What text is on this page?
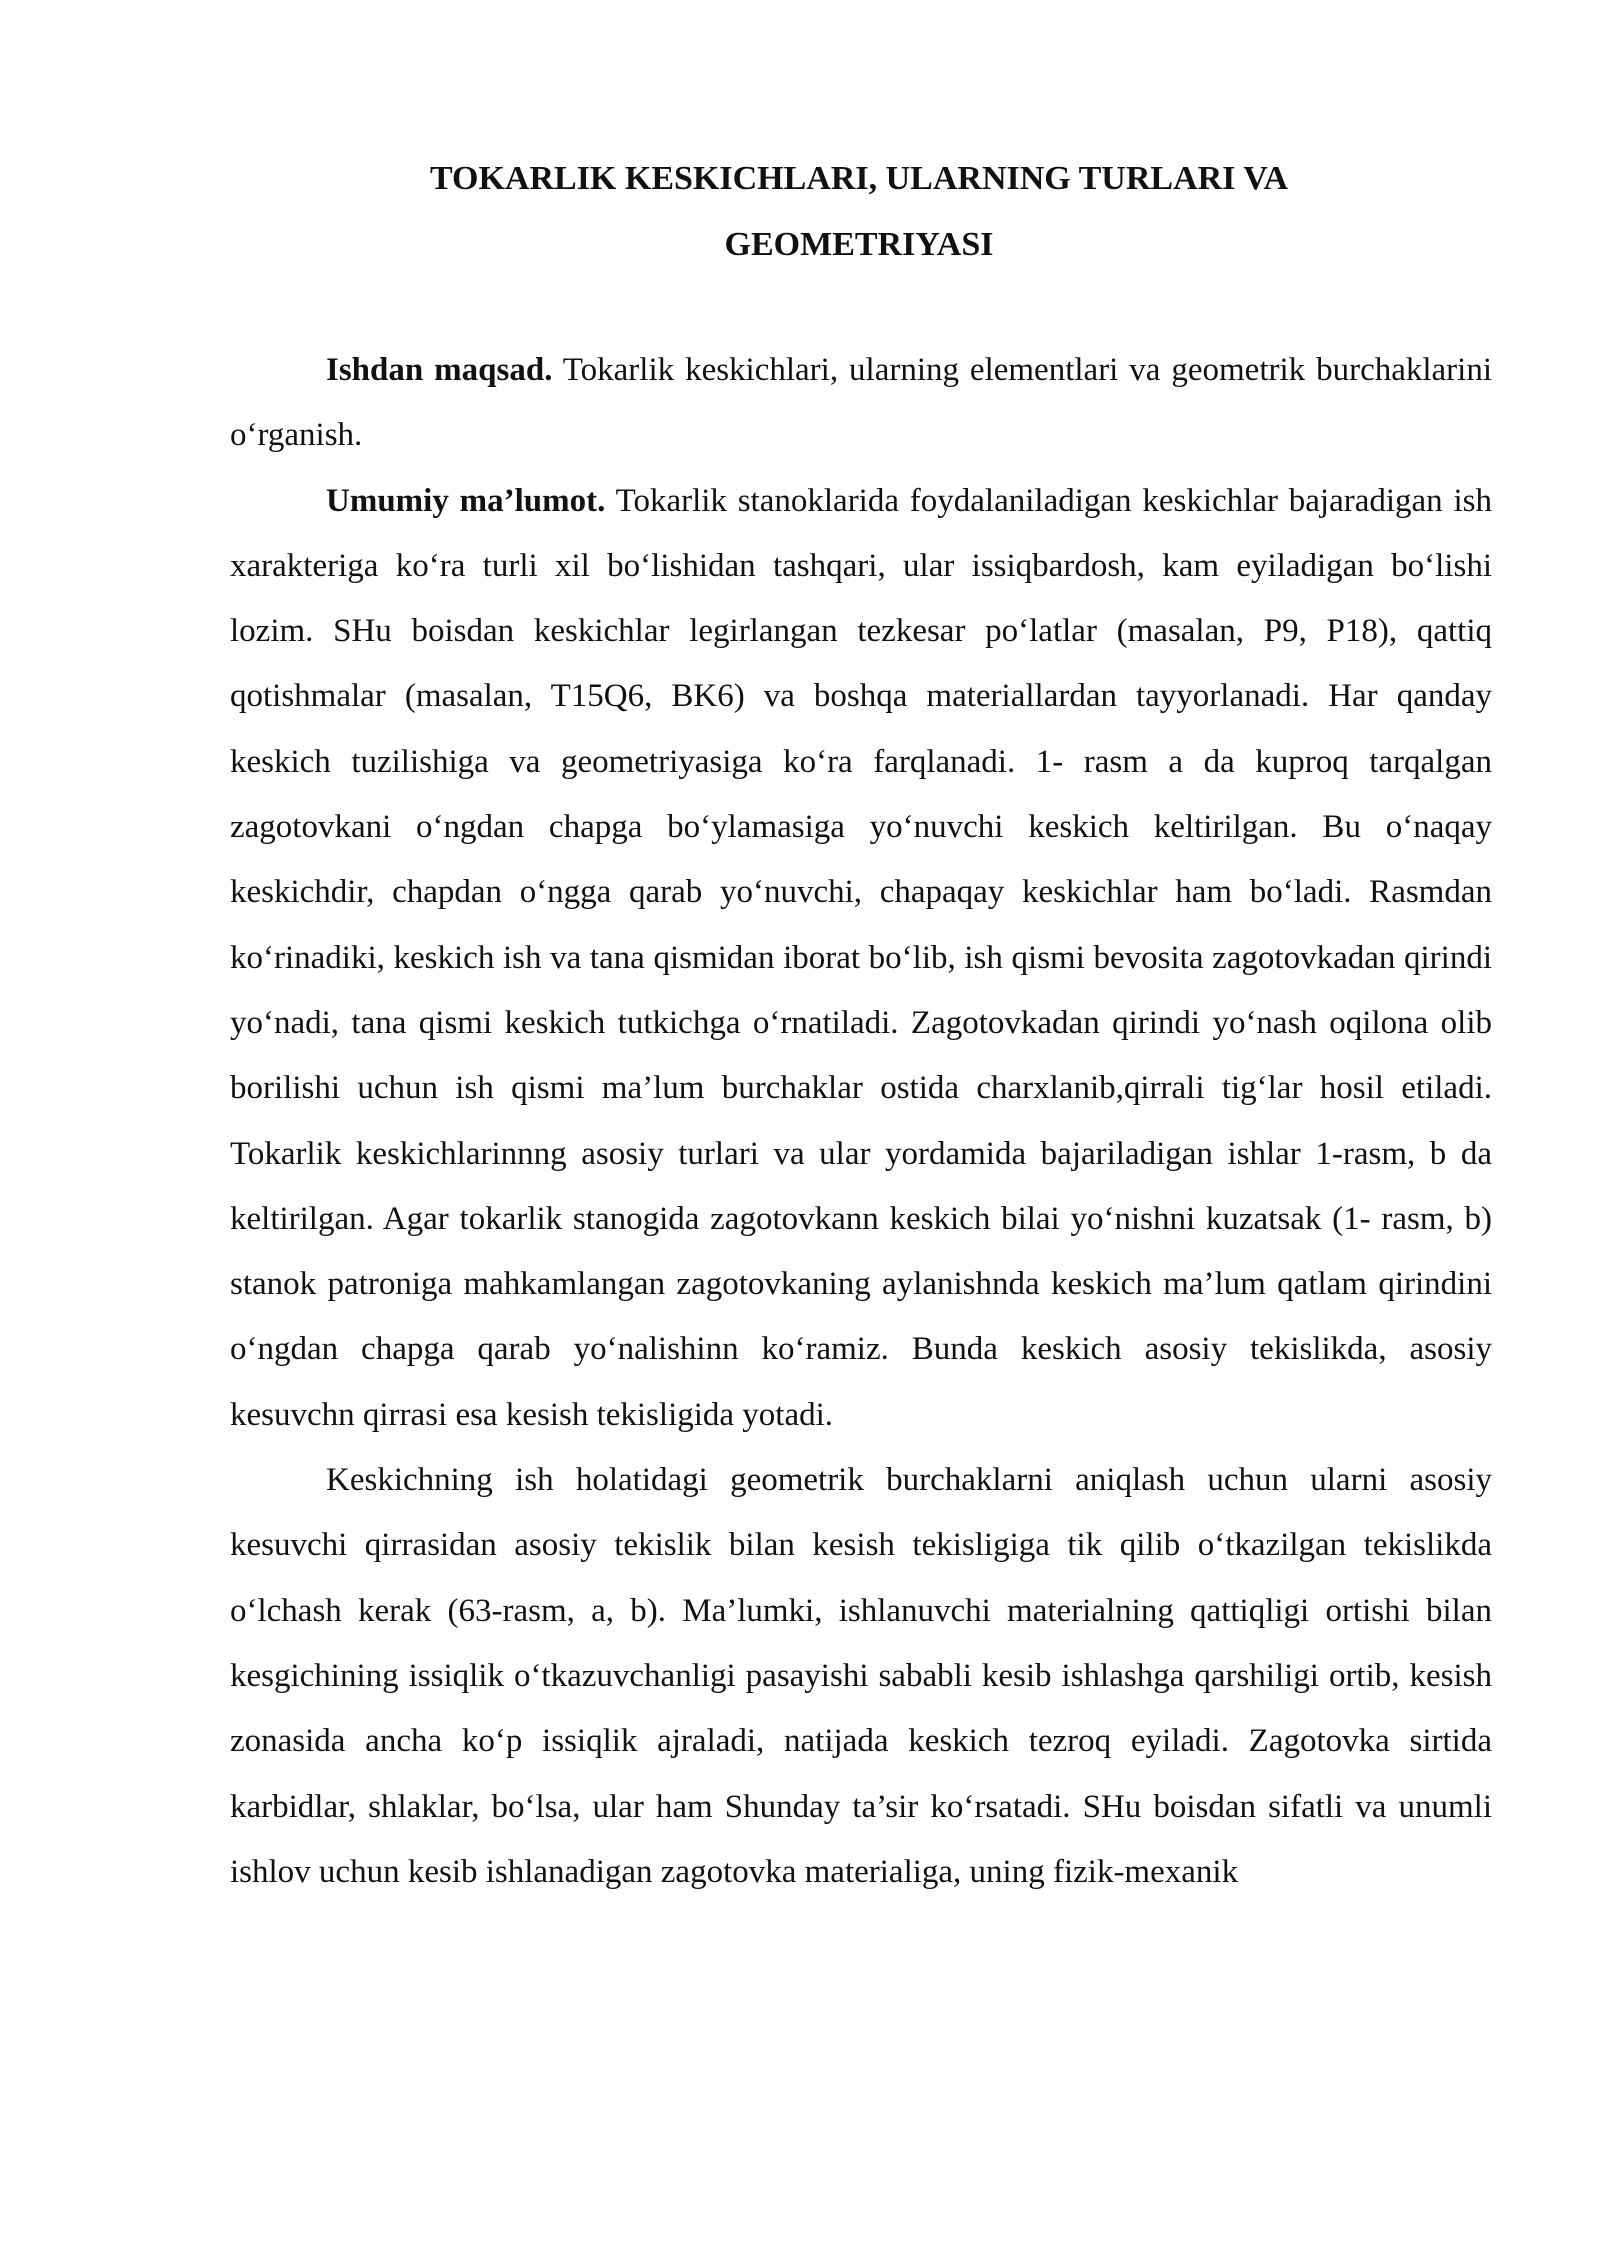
TOKARLIK KESKICHLARI, ULARNING TURLARI VA
GEOMETRIYASI

Ishdan maqsad. Tokarlik keskichlari, ularning elementlari va geometrik burchaklarini o‘rganish.

Umumiy ma’lumot. Tokarlik stanoklarida foydalaniladigan keskichlar bajaradigan ish xarakteriga ko‘ra turli xil bo‘lishidan tashqari, ular issiqbardosh, kam eyiladigan bo‘lishi lozim. SHu boisdan keskichlar legirlangan tezkesar po‘latlar (masalan, P9, P18), qattiq qotishmalar (masalan, T15Q6, BK6) va boshqa materiallardan tayyorlanadi. Har qanday keskich tuzilishiga va geometriyasiga ko‘ra farqlanadi. 1- rasm a da kuproq tarqalgan zagotovkani o‘ngdan chapga bo‘ylamasiga yo‘nuvchi keskich keltirilgan. Bu o‘naqay keskichdir, chapdan o‘ngga qarab yo‘nuvchi, chapaqay keskichlar ham bo‘ladi. Rasmdan ko‘rinadiki, keskich ish va tana qismidan iborat bo‘lib, ish qismi bevosita zagotovkadan qirindi yo‘nadi, tana qismi keskich tutkichga o‘rnatiladi. Zagotovkadan qirindi yo‘nash oqilona olib borilishi uchun ish qismi ma’lum burchaklar ostida charxlanib,qirrali tig‘lar hosil etiladi. Tokarlik keskichlarinnng asosiy turlari va ular yordamida bajariladigan ishlar 1-rasm, b da keltirilgan. Agar tokarlik stanogida zagotovkann keskich bilai yo‘nishni kuzatsak (1- rasm, b) stanok patroniga mahkamlangan zagotovkaning aylanishnda keskich ma’lum qatlam qirindini o‘ngdan chapga qarab yo‘nalishinn ko‘ramiz. Bunda keskich asosiy tekislikda, asosiy kesuvchn qirrasi esa kesish tekisligida yotadi.

Keskichning ish holatidagi geometrik burchaklarni aniqlash uchun ularni asosiy kesuvchi qirrasidan asosiy tekislik bilan kesish tekisligiga tik qilib o‘tkazilgan tekislikda o‘lchash kerak (63-rasm, a, b). Ma’lumki, ishlanuvchi materialning qattiqligi ortishi bilan kesgichining issiqlik o‘tkazuvchanligi pasayishi sababli kesib ishlashga qarshiligi ortib, kesish zonasida ancha ko‘p issiqlik ajraladi, natijada keskich tezroq eyiladi. Zagotovka sirtida karbidlar, shlaklar, bo‘lsa, ular ham Shunday ta’sir ko‘rsatadi. SHu boisdan sifatli va unumli ishlov uchun kesib ishlanadigan zagotovka materialiga, uning fizik-mexanik
